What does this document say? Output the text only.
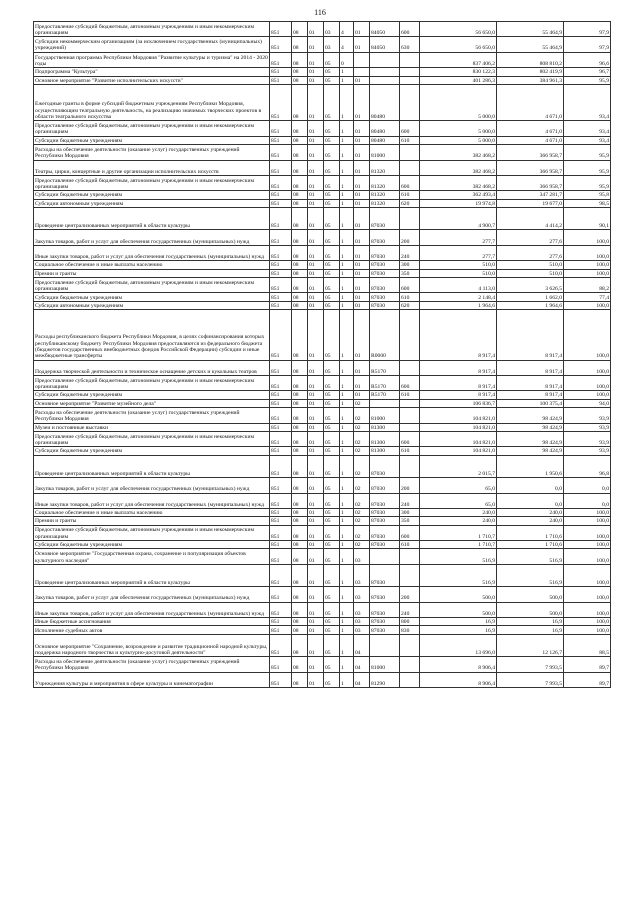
116
Предоставление субсидий бюджетным, автономным учреждениям и иным некоммерческим организациям	851	08	01	03	4	01	84050	600	56 650,0	55 464,9	97,9
Субсидии некоммерческим организациям (за исключением государственных (муниципальных) учреждений)	851	08	01	03	4	01	84050	630	56 650,0	55 464,9	97,9
Государственная программа Республики Мордовия "Развитие культуры и туризма" на 2014 - 2020 годы	851	08	01	05	0				837 406,2	808 810,2	96,6
Подпрограмма "Культура"	851	08	01	05	1				830 122,3	802 419,9	96,7
Основное мероприятие "Развитие исполнительских искусств"	851	08	01	05	1	01			401 286,3	384 961,3	95,9
Ежегодные гранты в форме субсидий бюджетным учреждениям Республики Мордовия, осуществляющим театральную деятельность, на реализацию значимых творческих проектов в области театрального искусства	851	08	01	05	1	01	80480		5 000,0	4 671,0	93,4
Предоставление субсидий бюджетным, автономным учреждениям и иным некоммерческим организациям	851	08	01	05	1	01	80480	600	5 000,0	4 671,0	93,4
Субсидии бюджетным учреждениям	851	08	01	05	1	01	80480	610	5 000,0	4 671,0	93,4
Расходы на обеспечение деятельности (оказание услуг) государственных учреждений Республики Мордовия	851	08	01	05	1	01	81000		382 468,2	366 958,7	95,9
Театры, цирки, концертные и другие организации исполнительских искусств	851	08	01	05	1	01	81320		382 468,2	366 958,7	95,9
Предоставление субсидий бюджетным, автономным учреждениям и иным некоммерческим организациям	851	08	01	05	1	01	81320	600	382 468,2	366 958,7	95,9
Субсидии бюджетным учреждениям	851	08	01	05	1	01	81320	610	362 493,4	347 281,7	95,8
Субсидии автономным учреждениям	851	08	01	05	1	01	81320	620	19 974,8	19 677,0	98,5
Проведение централизованных мероприятий в области культуры	851	08	01	05	1	01	87030		4 900,7	4 414,2	90,1
Закупка товаров, работ и услуг для обеспечения государственных (муниципальных) нужд	851	08	01	05	1	01	87030	200	277,7	277,6	100,0
Иные закупки товаров, работ и услуг для обеспечения государственных (муниципальных) нужд	851	08	01	05	1	01	87030	240	277,7	277,6	100,0
Социальное обеспечение и иные выплаты населению	851	08	01	05	1	01	87030	300	510,0	510,0	100,0
Премии и гранты	851	08	01	05	1	01	87030	350	510,0	510,0	100,0
Предоставление субсидий бюджетным, автономным учреждениям и иным некоммерческим организациям	851	08	01	05	1	01	87030	600	4 113,0	3 626,5	88,2
Субсидии бюджетным учреждениям	851	08	01	05	1	01	87030	610	2 148,4	1 662,0	77,4
Субсидии автономным учреждениям	851	08	01	05	1	01	87030	620	1 964,6	1 964,6	100,0
Расходы республиканского бюджета Республики Мордовия, в целях софинансирования которых республиканскому бюджету Республики Мордовия предоставляются из федерального бюджета (бюджетов государственных внебюджетных фондов Российской Федерации) субсидии и иные межбюджетные трансферты	851	08	01	05	1	01	R0000		8 917,4	8 917,4	100,0
Поддержка творческой деятельности и техническое оснащение детских и кукольных театров	851	08	01	05	1	01	R5170		8 917,4	8 917,4	100,0
Предоставление субсидий бюджетным, автономным учреждениям и иным некоммерческим организациям	851	08	01	05	1	01	R5170	600	8 917,4	8 917,4	100,0
Субсидии бюджетным учреждениям	851	08	01	05	1	01	R5170	610	8 917,4	8 917,4	100,0
Основное мероприятие "Развитие музейного дела"	851	08	01	05	1	02			106 836,7	100 375,4	94,0
Расходы на обеспечение деятельности (оказание услуг) государственных учреждений Республики Мордовия	851	08	01	05	1	02	81000		104 821,0	98 424,9	93,9
Музеи и постоянные выставки	851	08	01	05	1	02	81300		104 821,0	98 424,9	93,9
Предоставление субсидий бюджетным, автономным учреждениям и иным некоммерческим организациям	851	08	01	05	1	02	81300	600	104 821,0	98 424,9	93,9
Субсидии бюджетным учреждениям	851	08	01	05	1	02	81300	610	104 821,0	98 424,9	93,9
Проведение централизованных мероприятий в области культуры	851	08	01	05	1	02	87030		2 015,7	1 950,6	96,8
Закупка товаров, работ и услуг для обеспечения государственных (муниципальных) нужд	851	08	01	05	1	02	87030	200	65,0	0,0	0,0
Иные закупки товаров, работ и услуг для обеспечения государственных (муниципальных) нужд	851	08	01	05	1	02	87030	240	65,0	0,0	0,0
Социальное обеспечение и иные выплаты населению	851	08	01	05	1	02	87030	300	240,0	240,0	100,0
Премии и гранты	851	08	01	05	1	02	87030	350	240,0	240,0	100,0
Предоставление субсидий бюджетным, автономным учреждениям и иным некоммерческим организациям	851	08	01	05	1	02	87030	600	1 710,7	1 710,6	100,0
Субсидии бюджетным учреждениям	851	08	01	05	1	02	87030	610	1 710,7	1 710,6	100,0
Основное мероприятие "Государственная охрана, сохранение и популяризация объектов культурного наследия"	851	08	01	05	1	03			516,9	516,9	100,0
Проведение централизованных мероприятий в области культуры	851	08	01	05	1	03	87030		516,9	516,9	100,0
Закупка товаров, работ и услуг для обеспечения государственных (муниципальных) нужд	851	08	01	05	1	03	87030	200	500,0	500,0	100,0
Иные закупки товаров, работ и услуг для обеспечения государственных (муниципальных) нужд	851	08	01	05	1	03	87030	240	500,0	500,0	100,0
Иные бюджетные ассигнования	851	08	01	05	1	03	87030	800	16,9	16,9	100,0
Исполнение судебных актов	851	08	01	05	1	03	87030	830	16,9	16,9	100,0
Основное мероприятие "Сохранение, возрождение и развитие традиционной народной культуры, поддержка народного творчества и культурно-досуговой деятельности"	851	08	01	05	1	04			13 696,0	12 126,7	88,5
Расходы на обеспечение деятельности (оказание услуг) государственных учреждений Республики Мордовия	851	08	01	05	1	04	81000		8 906,4	7 993,5	89,7
Учреждения культуры и мероприятия в сфере культуры и кинематографии	851	08	01	05	1	04	81290		8 906,4	7 993,5	89,7
